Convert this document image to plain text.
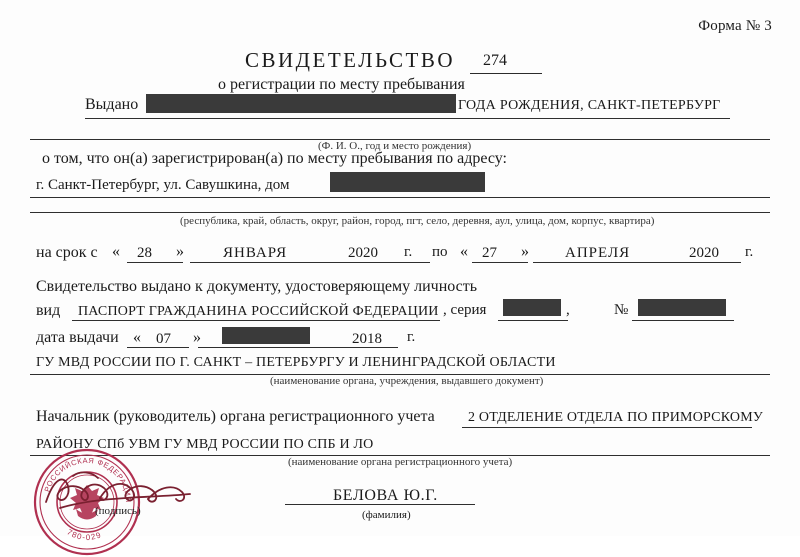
Форма № 3
СВИДЕТЕЛЬСТВО 274
о регистрации по месту пребывания
Выдано	ГОДА РОЖДЕНИЯ, САНКТ-ПЕТЕРБУРГ
(Ф. И. О., год и место рождения)
о том, что он(а) зарегистрирован(а) по месту пребывания по адресу:
г. Санкт-Петербург, ул. Савушкина, дом
(республика, край, область, округ, район, город, пгт, село, деревня, аул, улица, дом, корпус, квартира)
на срок с « 28 »	ЯНВАРЯ	2020 г. по « 27 » АПРЕЛЯ	2020 г.
Свидетельство выдано к документу, удостоверяющему личность
вид ПАСПОРТ ГРАЖДАНИНА РОССИЙСКОЙ ФЕДЕРАЦИИ , серия	,	№
дата выдачи « 07 »	2018 г.
ГУ МВД РОССИИ ПО Г. САНКТ – ПЕТЕРБУРГУ И ЛЕНИНГРАДСКОЙ ОБЛАСТИ
(наименование органа, учреждения, выдавшего документ)
Начальник (руководитель) органа регистрационного учета 2 ОТДЕЛЕНИЕ ОТДЕЛА ПО ПРИМОРСКОМУ
РАЙОНУ СПб УВМ ГУ МВД РОССИИ ПО СПБ И ЛО
(наименование органа регистрационного учета)
РОССИЙСКАЯ ФЕДЕРАЦИЯ
780-029
(подпись)
БЕЛОВА Ю.Г.
(фамилия)
